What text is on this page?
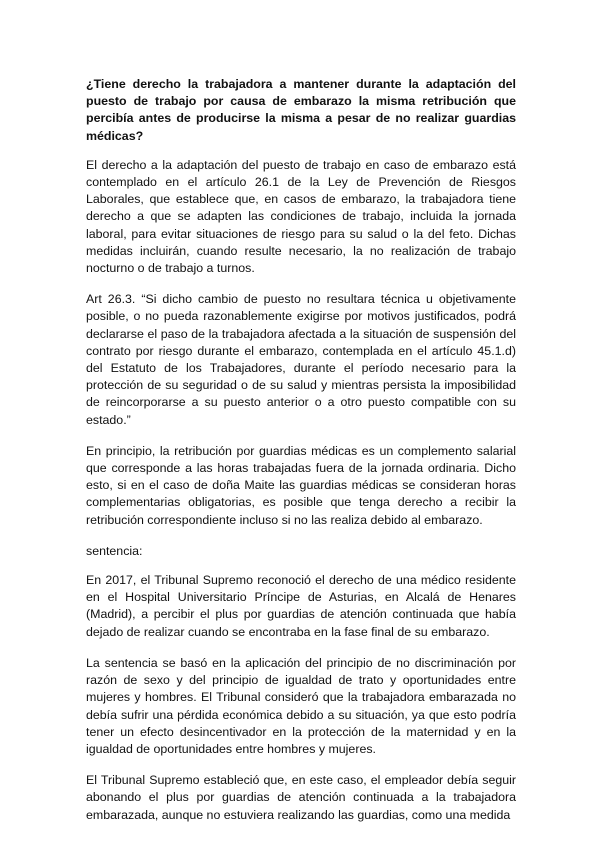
¿Tiene derecho la trabajadora a mantener durante la adaptación del puesto de trabajo por causa de embarazo la misma retribución que percibía antes de producirse la misma a pesar de no realizar guardias médicas?

El derecho a la adaptación del puesto de trabajo en caso de embarazo está contemplado en el artículo 26.1 de la Ley de Prevención de Riesgos Laborales, que establece que, en casos de embarazo, la trabajadora tiene derecho a que se adapten las condiciones de trabajo, incluida la jornada laboral, para evitar situaciones de riesgo para su salud o la del feto. Dichas medidas incluirán, cuando resulte necesario, la no realización de trabajo nocturno o de trabajo a turnos.

Art 26.3. “Si dicho cambio de puesto no resultara técnica u objetivamente posible, o no pueda razonablemente exigirse por motivos justificados, podrá declararse el paso de la trabajadora afectada a la situación de suspensión del contrato por riesgo durante el embarazo, contemplada en el artículo 45.1.d) del Estatuto de los Trabajadores, durante el período necesario para la protección de su seguridad o de su salud y mientras persista la imposibilidad de reincorporarse a su puesto anterior o a otro puesto compatible con su estado.”

En principio, la retribución por guardias médicas es un complemento salarial que corresponde a las horas trabajadas fuera de la jornada ordinaria. Dicho esto, si en el caso de doña Maite las guardias médicas se consideran horas complementarias obligatorias, es posible que tenga derecho a recibir la retribución correspondiente incluso si no las realiza debido al embarazo.

sentencia:

En 2017, el Tribunal Supremo reconoció el derecho de una médico residente en el Hospital Universitario Príncipe de Asturias, en Alcalá de Henares (Madrid), a percibir el plus por guardias de atención continuada que había dejado de realizar cuando se encontraba en la fase final de su embarazo.

La sentencia se basó en la aplicación del principio de no discriminación por razón de sexo y del principio de igualdad de trato y oportunidades entre mujeres y hombres. El Tribunal consideró que la trabajadora embarazada no debía sufrir una pérdida económica debido a su situación, ya que esto podría tener un efecto desincentivador en la protección de la maternidad y en la igualdad de oportunidades entre hombres y mujeres.

El Tribunal Supremo estableció que, en este caso, el empleador debía seguir abonando el plus por guardias de atención continuada a la trabajadora embarazada, aunque no estuviera realizando las guardias, como una medida
